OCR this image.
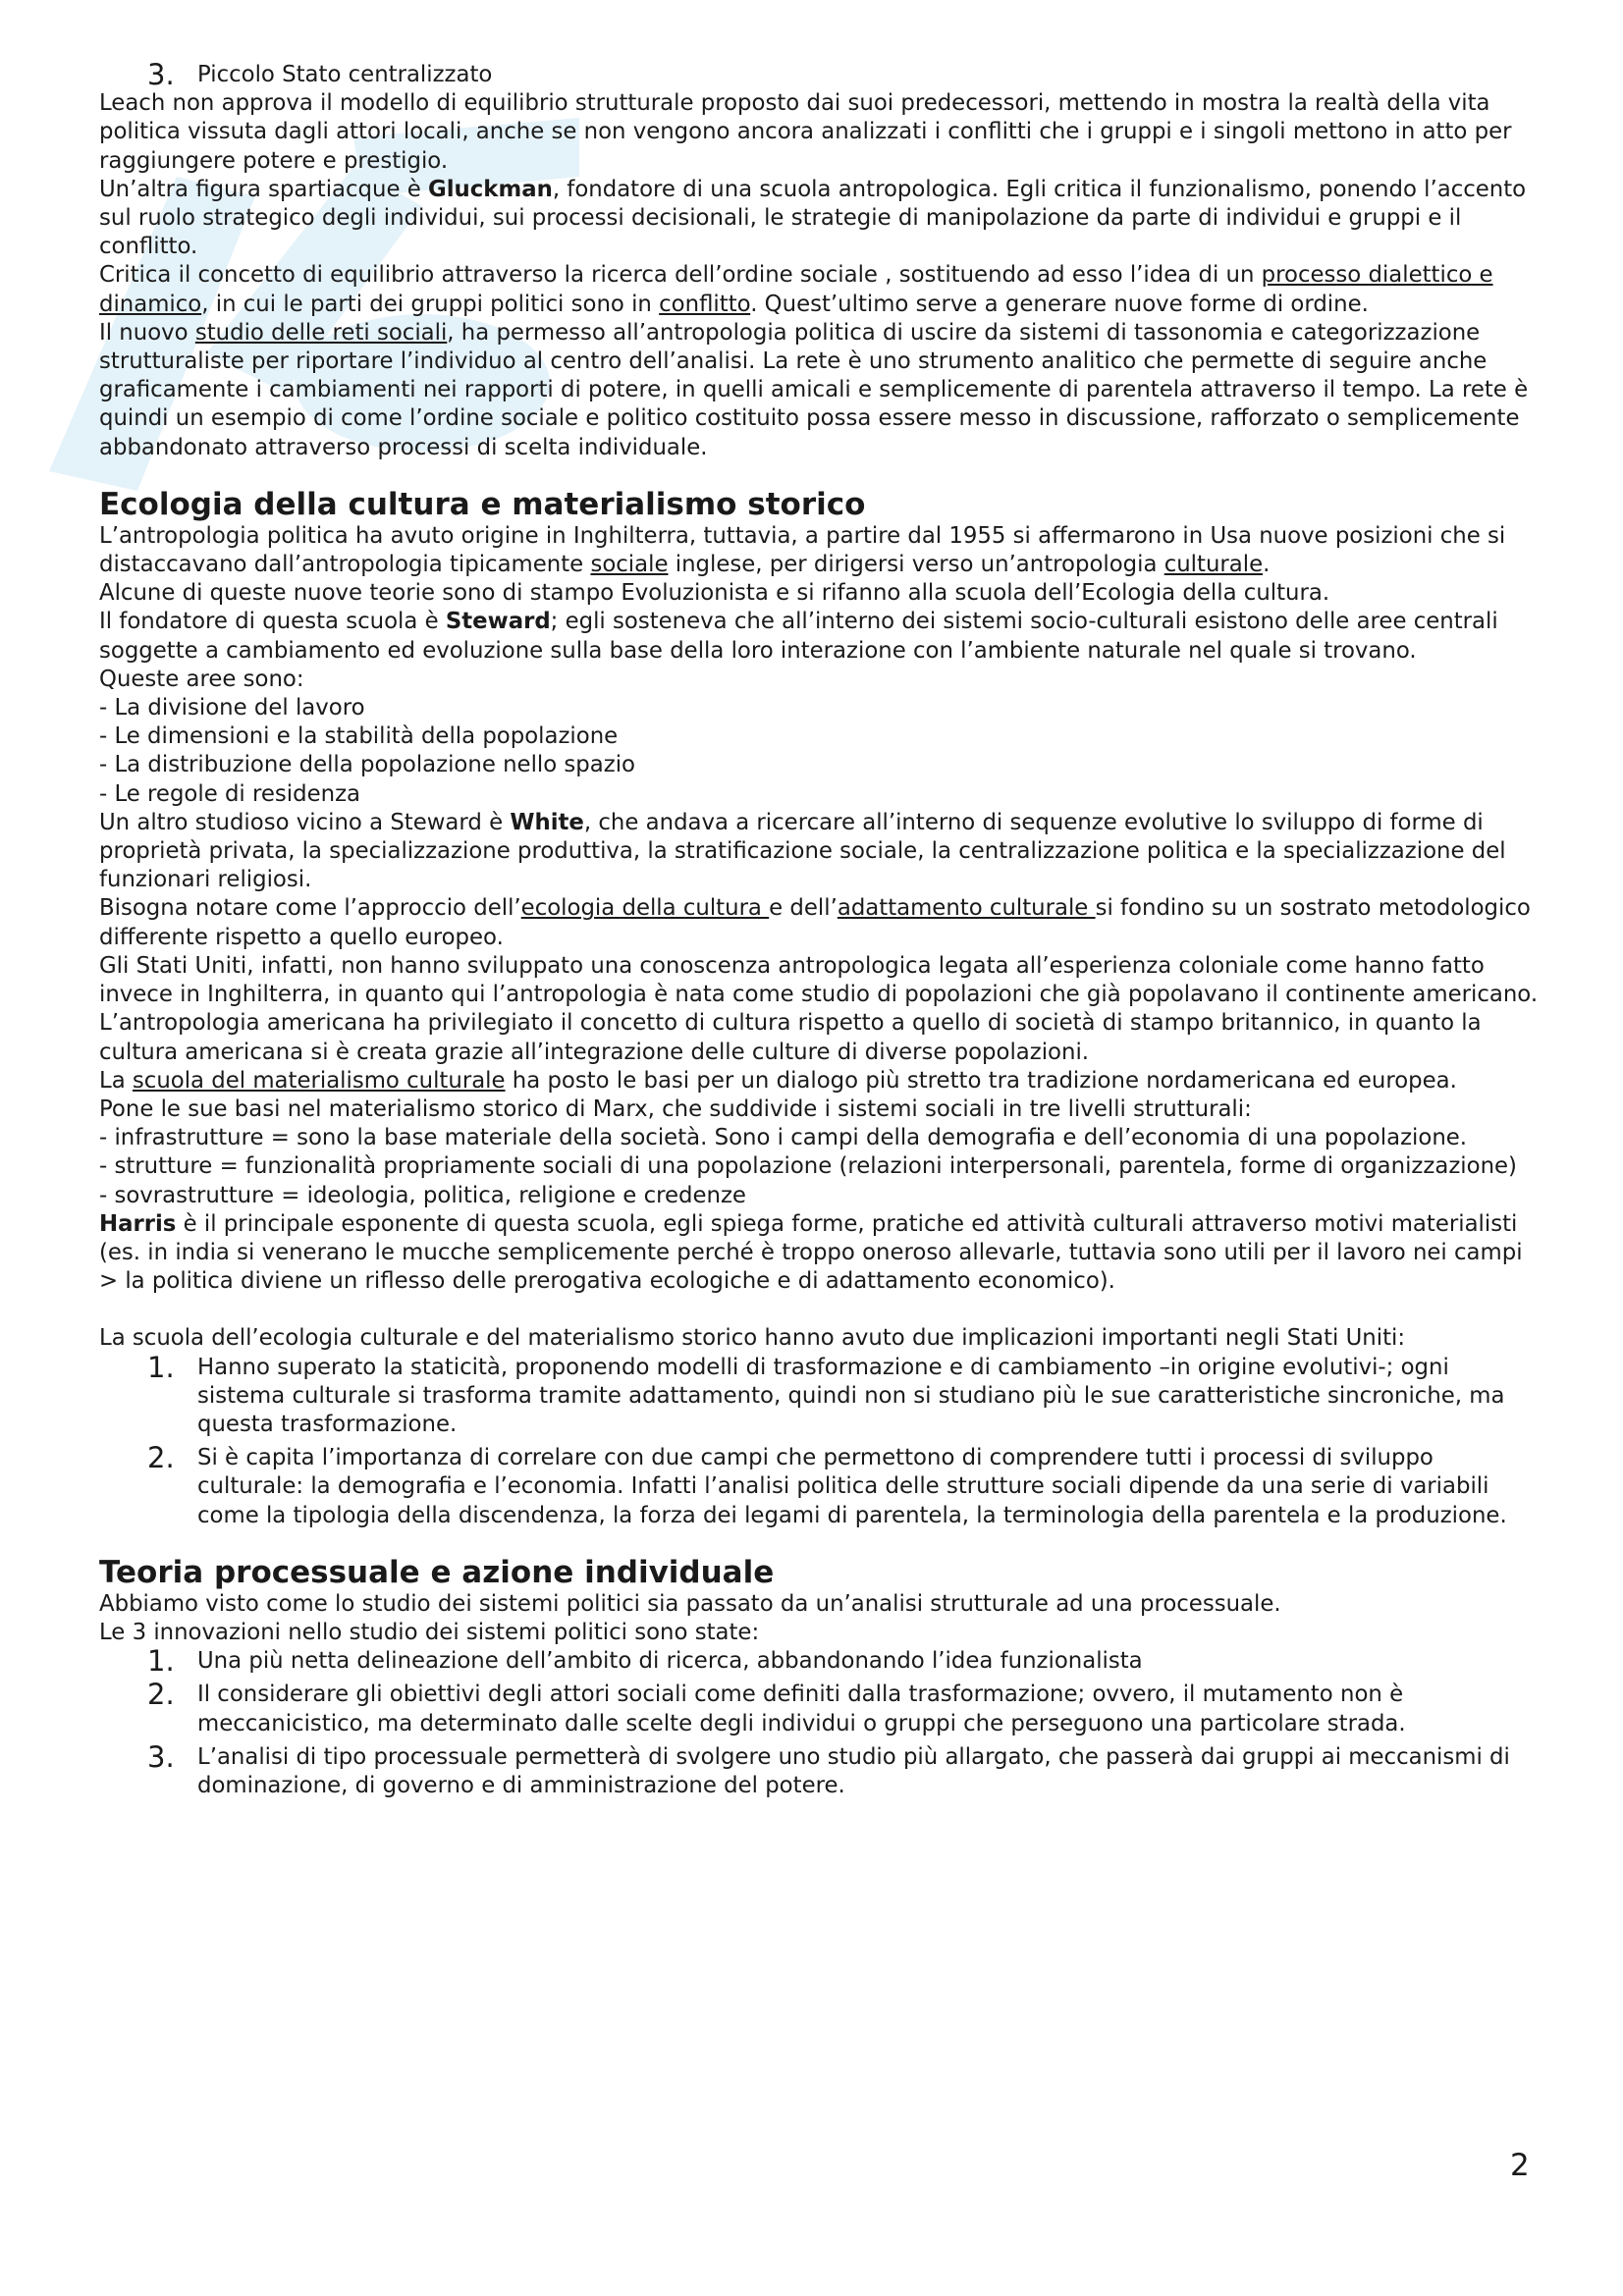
3. Piccolo Stato centralizzato

Leach non approva il modello di equilibrio strutturale proposto dai suoi predecessori, mettendo in mostra la realtà della vita politica vissuta dagli attori locali, anche se non vengono ancora analizzati i conflitti che i gruppi e i singoli mettono in atto per raggiungere potere e prestigio.

Un’altra figura spartiacque è Gluckman, fondatore di una scuola antropologica. Egli critica il funzionalismo, ponendo l’accento sul ruolo strategico degli individui, sui processi decisionali, le strategie di manipolazione da parte di individui e gruppi e il conflitto.

Critica il concetto di equilibrio attraverso la ricerca dell’ordine sociale , sostituendo ad esso l’idea di un processo dialettico e dinamico, in cui le parti dei gruppi politici sono in conflitto. Quest’ultimo serve a generare nuove forme di ordine.

Il nuovo studio delle reti sociali, ha permesso all’antropologia politica di uscire da sistemi di tassonomia e categorizzazione strutturaliste per riportare l’individuo al centro dell’analisi. La rete è uno strumento analitico che permette di seguire anche graficamente i cambiamenti nei rapporti di potere, in quelli amicali e semplicemente di parentela attraverso il tempo. La rete è quindi un esempio di come l’ordine sociale e politico costituito possa essere messo in discussione, rafforzato o semplicemente abbandonato attraverso processi di scelta individuale.

Ecologia della cultura e materialismo storico

L’antropologia politica ha avuto origine in Inghilterra, tuttavia, a partire dal 1955 si affermarono in Usa nuove posizioni che si distaccavano dall’antropologia tipicamente sociale inglese, per dirigersi verso un’antropologia culturale.

Alcune di queste nuove teorie sono di stampo Evoluzionista e si rifanno alla scuola dell’Ecologia della cultura.

Il fondatore di questa scuola è Steward; egli sosteneva che all’interno dei sistemi socio-culturali esistono delle aree centrali soggette a cambiamento ed evoluzione sulla base della loro interazione con l’ambiente naturale nel quale si trovano.

Queste aree sono:

- La divisione del lavoro

- Le dimensioni e la stabilità della popolazione

- La distribuzione della popolazione nello spazio

- Le regole di residenza

Un altro studioso vicino a Steward è White, che andava a ricercare all’interno di sequenze evolutive lo sviluppo di forme di proprietà privata, la specializzazione produttiva, la stratificazione sociale, la centralizzazione politica e la specializzazione del funzionari religiosi.

Bisogna notare come l’approccio dell’ecologia della cultura e dell’adattamento culturale si fondino su un sostrato metodologico differente rispetto a quello europeo.

Gli Stati Uniti, infatti, non hanno sviluppato una conoscenza antropologica legata all’esperienza coloniale come hanno fatto invece in Inghilterra, in quanto qui l’antropologia è nata come studio di popolazioni che già popolavano il continente americano.

L’antropologia americana ha privilegiato il concetto di cultura rispetto a quello di società di stampo britannico, in quanto la cultura americana si è creata grazie all’integrazione delle culture di diverse popolazioni.

La scuola del materialismo culturale ha posto le basi per un dialogo più stretto tra tradizione nordamericana ed europea.

Pone le sue basi nel materialismo storico di Marx, che suddivide i sistemi sociali in tre livelli strutturali:

- infrastrutture = sono la base materiale della società. Sono i campi della demografia e dell’economia di una popolazione.

- strutture = funzionalità propriamente sociali di una popolazione (relazioni interpersonali, parentela, forme di organizzazione)

- sovrastrutture = ideologia, politica, religione e credenze

Harris è il principale esponente di questa scuola, egli spiega forme, pratiche ed attività culturali attraverso motivi materialisti (es. in india si venerano le mucche semplicemente perché è troppo oneroso allevarle, tuttavia sono utili per il lavoro nei campi > la politica diviene un riflesso delle prerogativa ecologiche e di adattamento economico).

La scuola dell’ecologia culturale e del materialismo storico hanno avuto due implicazioni importanti negli Stati Uniti:

1. Hanno superato la staticità, proponendo modelli di trasformazione e di cambiamento –in origine evolutivi-; ogni sistema culturale si trasforma tramite adattamento, quindi non si studiano più le sue caratteristiche sincroniche, ma questa trasformazione.
2. Si è capita l’importanza di correlare con due campi che permettono di comprendere tutti i processi di sviluppo culturale: la demografia e l’economia. Infatti l’analisi politica delle strutture sociali dipende da una serie di variabili come la tipologia della discendenza, la forza dei legami di parentela, la terminologia della parentela e la produzione.
Teoria processuale e azione individuale

Abbiamo visto come lo studio dei sistemi politici sia passato da un’analisi strutturale ad una processuale.

Le 3 innovazioni nello studio dei sistemi politici sono state:

1. Una più netta delineazione dell’ambito di ricerca, abbandonando l’idea funzionalista
2. Il considerare gli obiettivi degli attori sociali come definiti dalla trasformazione; ovvero, il mutamento non è meccanicistico, ma determinato dalle scelte degli individui o gruppi che perseguono una particolare strada.
3. L’analisi di tipo processuale permetterà di svolgere uno studio più allargato, che passerà dai gruppi ai meccanismi di dominazione, di governo e di amministrazione del potere.
2
